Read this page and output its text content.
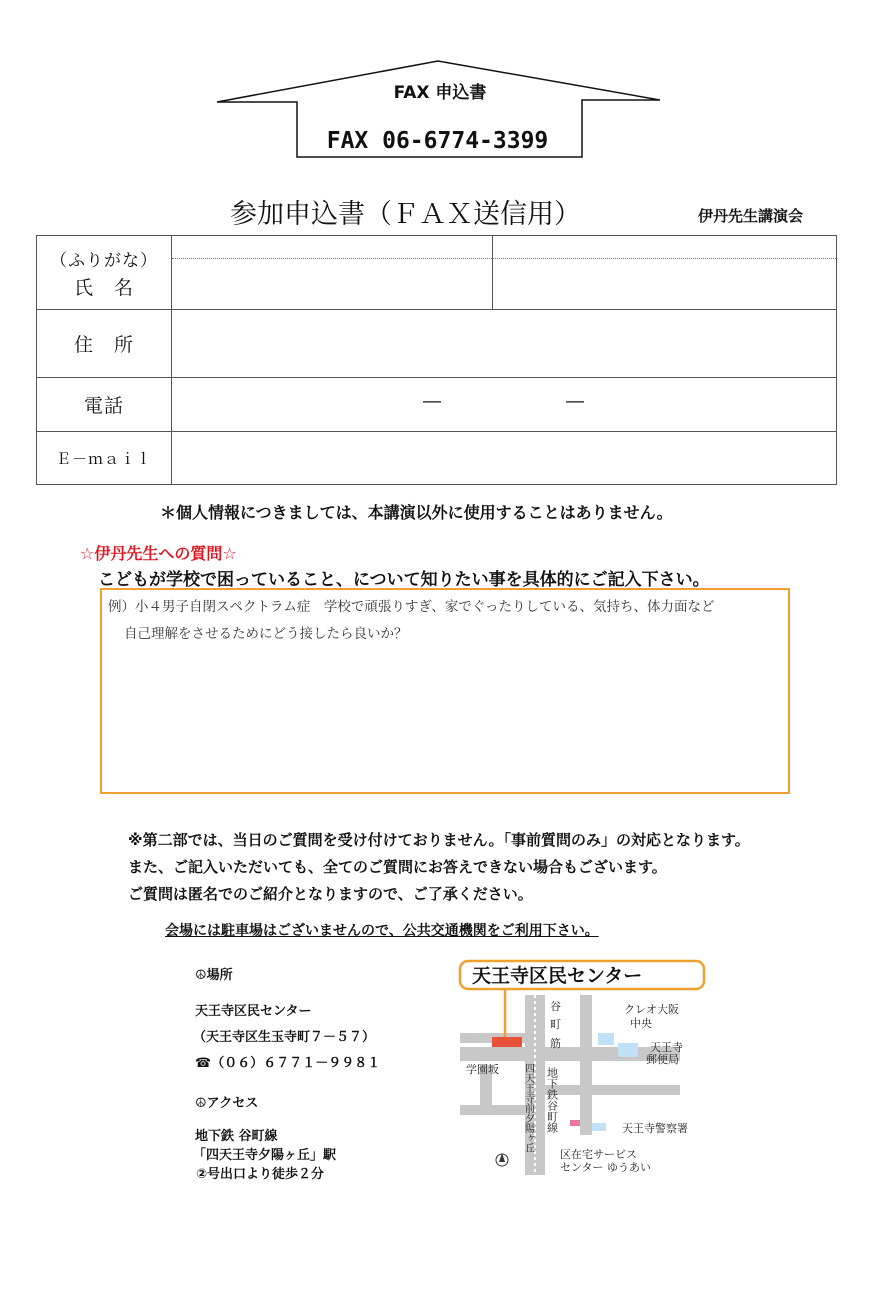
FAX 申込書
FAX 06-6774-3399
参加申込書（ＦＡＸ送信用）	伊丹先生講演会
（ふりがな）
氏　名		

住　所		
電話	― ―	

Ｅ－ｍａｉｌ		
＊個人情報につきましては、本講演以外に使用することはありません。
☆伊丹先生への質問☆
こどもが学校で困っていること、について知りたい事を具体的にご記入下さい。
例）小４男子自閉スペクトラム症　学校で頑張りすぎ、家でぐったりしている、気持ち、体力面など
自己理解をさせるためにどう接したら良いか？
※第二部では、当日のご質問を受け付けておりません。「事前質問のみ」の対応となります。
また、ご記入いただいても、全てのご質問にお答えできない場合もございます。
ご質問は匿名でのご紹介となりますので、ご了承ください。
会場には駐車場はございませんので、公共交通機関をご利用下さい。
☮場所
天王寺区民センター
（天王寺区生玉寺町７－５７）
☎（０６）６７７１－９９８１
☮アクセス
地下鉄 谷町線
「四天王寺夕陽ヶ丘」駅
②号出口より徒歩２分
天王寺区民センター
谷
町
筋
学園坂
クレオ大阪
中央
天王寺
郵便局
天王寺警察署
区在宅サービス
センター ゆうあい
四天王寺前夕陽ヶ丘 地下鉄谷町線
